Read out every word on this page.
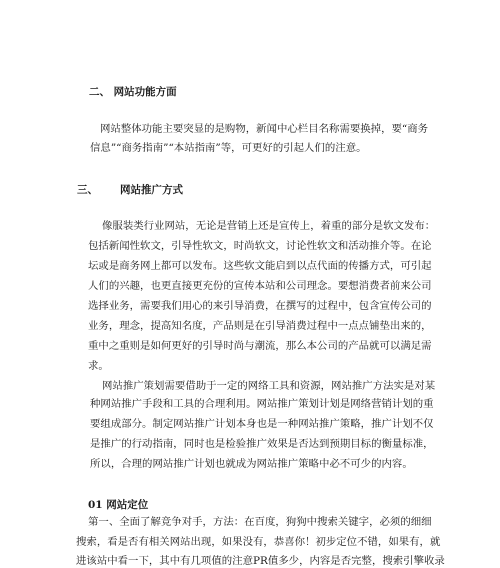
二、 网站功能方面
网站整体功能主要突显的是购物，新闻中心栏目名称需要换掉，要“商务
信息”“商务指南”“本站指南”等，可更好的引起人们的注意。
三、 网站推广方式
像服装类行业网站，无论是营销上还是宣传上，着重的部分是软文发布：
包括新闻性软文，引导性软文，时尚软文，讨论性软文和活动推介等。在论
坛或是商务网上都可以发布。这些软文能启到以点代面的传播方式，可引起
人们的兴趣，也更直接更充份的宣传本站和公司理念。要想消费者前来公司
选择业务，需要我们用心的来引导消费，在撰写的过程中，包含宣传公司的
业务，理念，提高知名度，产品则是在引导消费过程中一点点铺垫出来的，
重中之重则是如何更好的引导时尚与潮流，那么本公司的产品就可以满足需
求。
网站推广策划需要借助于一定的网络工具和资源，网站推广方法实是对某
种网站推广手段和工具的合理利用。网站推广策划计划是网络营销计划的重
要组成部分。制定网站推广计划本身也是一种网站推广策略，推广计划不仅
是推广的行动指南，同时也是检验推广效果是否达到预期目标的衡量标准，
所以，合理的网站推广计划也就成为网站推广策略中必不可少的内容。
01 网站定位
第一、全面了解竞争对手，方法：在百度，狗狗中搜索关键字，必须的细细
搜索，看是否有相关网站出现，如果没有，恭喜你！初步定位不错，如果有，就
进该站中看一下，其中有几项值的注意PR值多少，内容是否完整，搜索引擎收录
